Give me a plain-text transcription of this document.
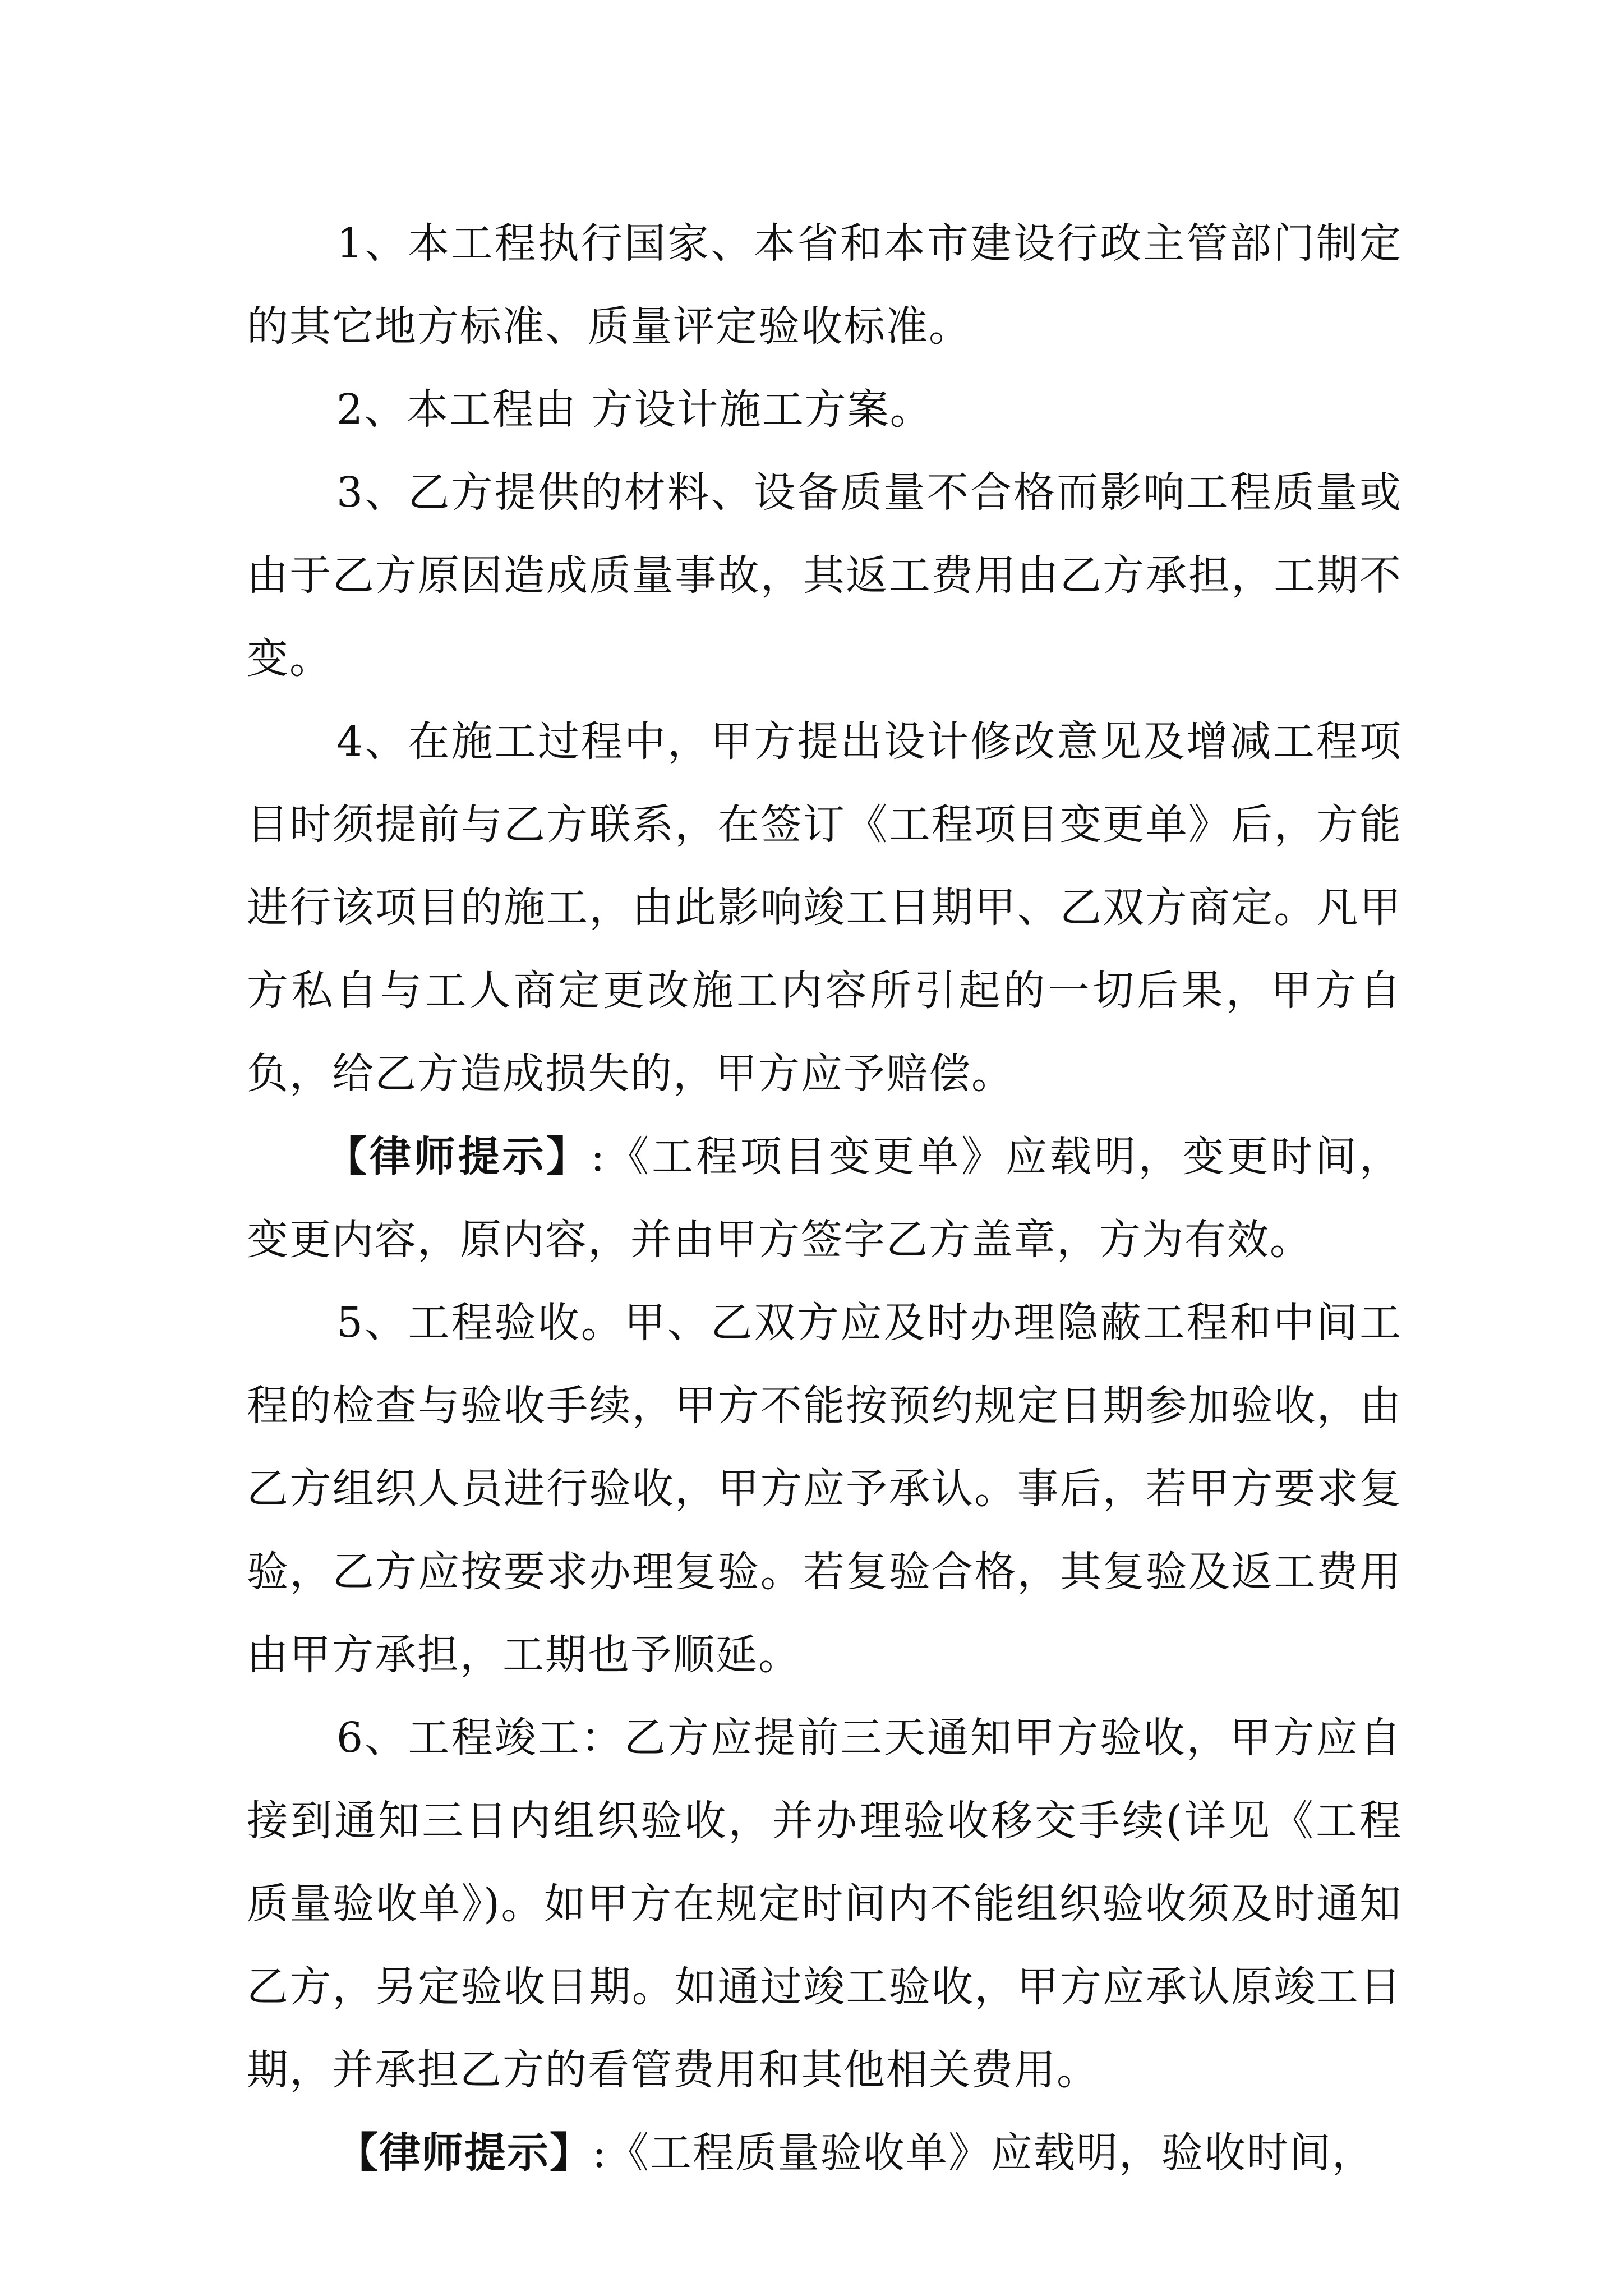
1、本工程执行国家、本省和本市建设行政主管部门制定的其它地方标准、质量评定验收标准。

2、本工程由 方设计施工方案。

3、乙方提供的材料、设备质量不合格而影响工程质量或由于乙方原因造成质量事故，其返工费用由乙方承担，工期不变。

4、在施工过程中，甲方提出设计修改意见及增减工程项目时须提前与乙方联系，在签订《工程项目变更单》后，方能进行该项目的施工，由此影响竣工日期甲、乙双方商定。凡甲方私自与工人商定更改施工内容所引起的一切后果，甲方自负，给乙方造成损失的，甲方应予赔偿。

【律师提示】:《工程项目变更单》应载明，变更时间，变更内容，原内容，并由甲方签字乙方盖章，方为有效。

5、工程验收。甲、乙双方应及时办理隐蔽工程和中间工程的检查与验收手续，甲方不能按预约规定日期参加验收，由乙方组织人员进行验收，甲方应予承认。事后，若甲方要求复验，乙方应按要求办理复验。若复验合格，其复验及返工费用由甲方承担，工期也予顺延。

6、工程竣工：乙方应提前三天通知甲方验收，甲方应自接到通知三日内组织验收，并办理验收移交手续(详见《工程质量验收单》)。如甲方在规定时间内不能组织验收须及时通知乙方，另定验收日期。如通过竣工验收，甲方应承认原竣工日期，并承担乙方的看管费用和其他相关费用。

【律师提示】:《工程质量验收单》应载明，验收时间，
